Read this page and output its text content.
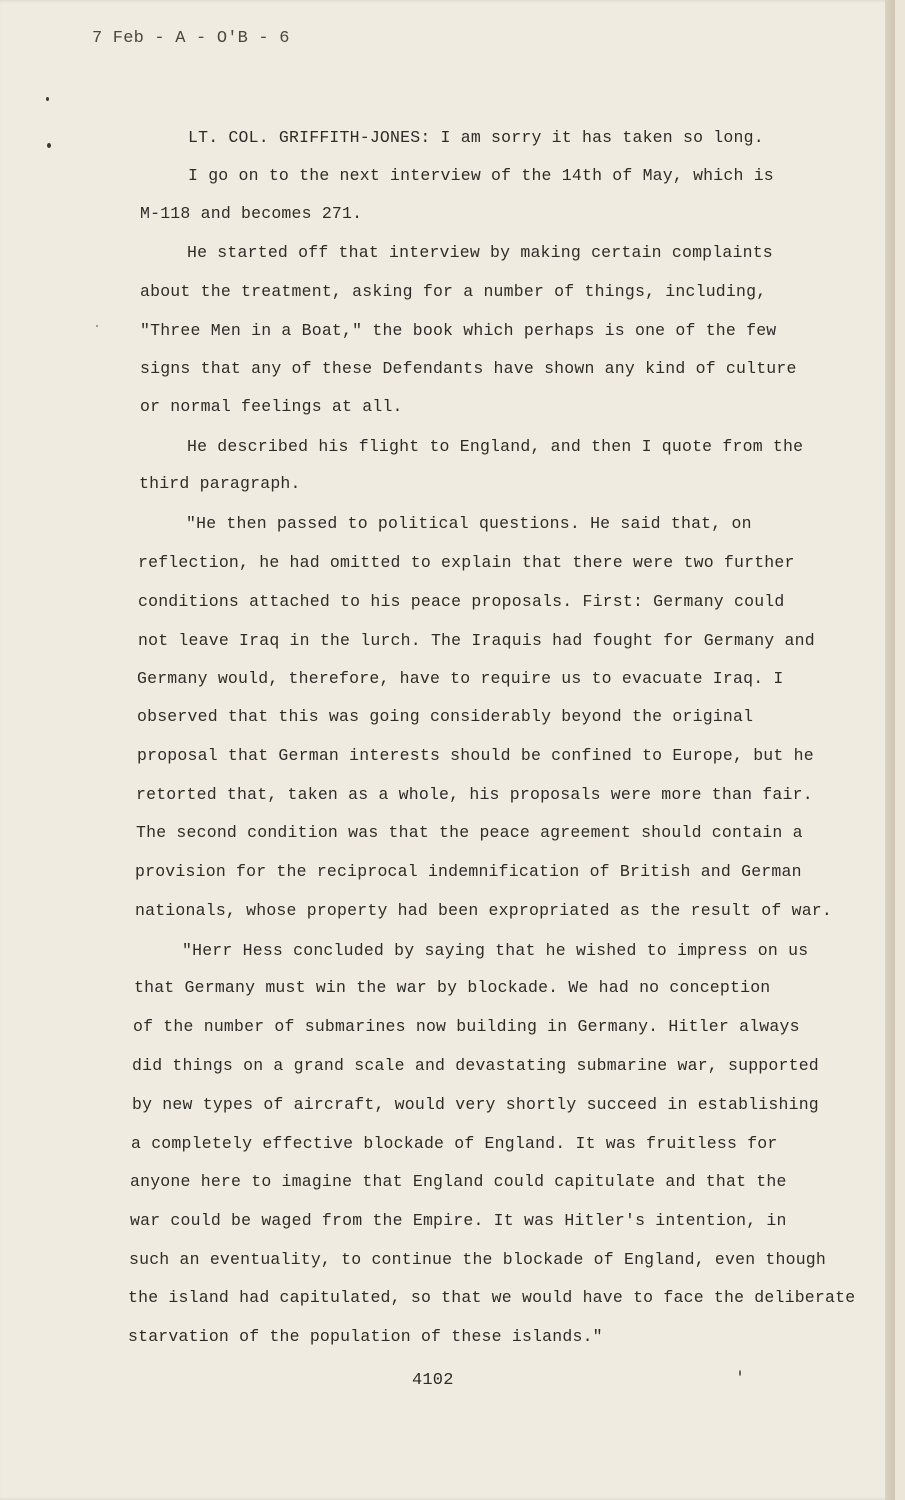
7 Feb - A - O'B - 6
LT. COL. GRIFFITH-JONES: I am sorry it has taken so long.
I go on to the next interview of the 14th of May, which is
M-118 and becomes 271.
He started off that interview by making certain complaints
about the treatment, asking for a number of things, including,
"Three Men in a Boat," the book which perhaps is one of the few
signs that any of these Defendants have shown any kind of culture
or normal feelings at all.
He described his flight to England, and then I quote from the
third paragraph.
"He then passed to political questions. He said that, on
reflection, he had omitted to explain that there were two further
conditions attached to his peace proposals. First: Germany could
not leave Iraq in the lurch. The Iraquis had fought for Germany and
Germany would, therefore, have to require us to evacuate Iraq. I
observed that this was going considerably beyond the original
proposal that German interests should be confined to Europe, but he
retorted that, taken as a whole, his proposals were more than fair.
The second condition was that the peace agreement should contain a
provision for the reciprocal indemnification of British and German
nationals, whose property had been expropriated as the result of war.
"Herr Hess concluded by saying that he wished to impress on us
that Germany must win the war by blockade. We had no conception
of the number of submarines now building in Germany. Hitler always
did things on a grand scale and devastating submarine war, supported
by new types of aircraft, would very shortly succeed in establishing
a completely effective blockade of England. It was fruitless for
anyone here to imagine that England could capitulate and that the
war could be waged from the Empire. It was Hitler's intention, in
such an eventuality, to continue the blockade of England, even though
the island had capitulated, so that we would have to face the deliberate
starvation of the population of these islands."
4102
